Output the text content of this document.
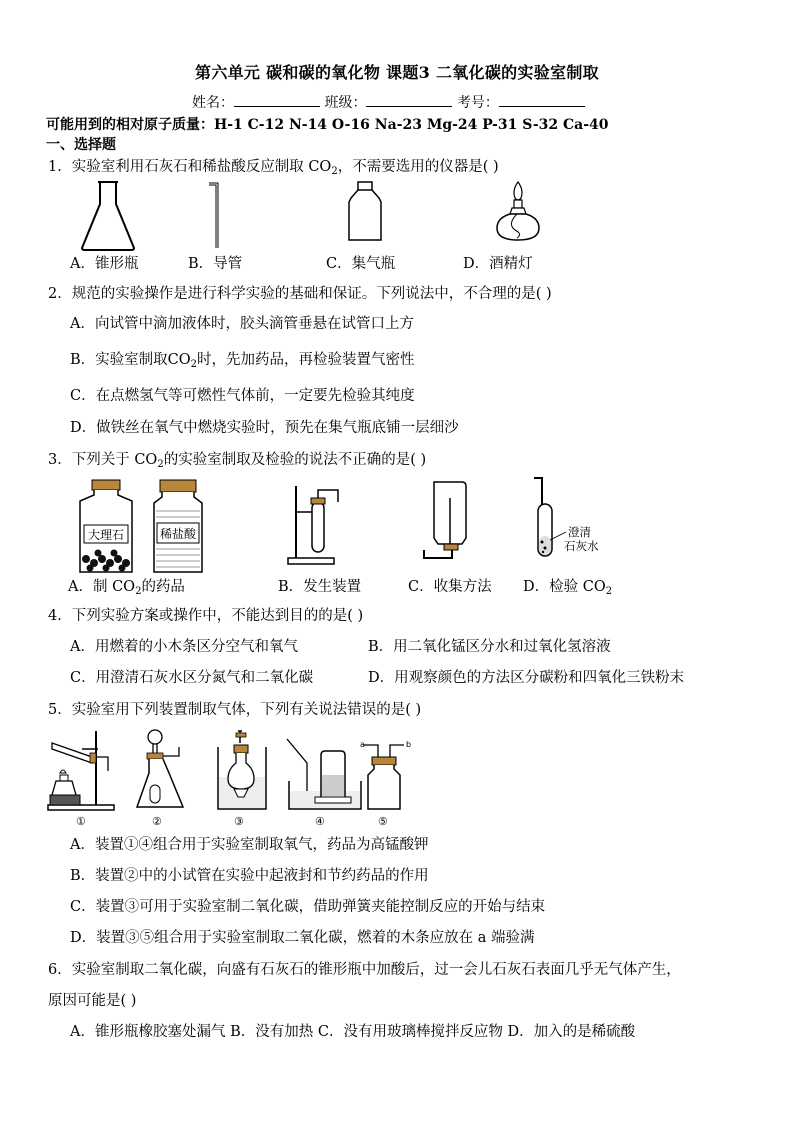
第六单元 碳和碳的氧化物 课题3 二氧化碳的实验室制取
姓名：	班级：	考号：
可能用到的相对原子质量：H-1 C-12 N-14 O-16 Na-23 Mg-24 P-31 S-32 Ca-40
一、选择题
1．实验室利用石灰石和稀盐酸反应制取 $CO_2$，不需要选用的仪器是( )
A．锥形瓶	B．导管	C．集气瓶	D．酒精灯
2．规范的实验操作是进行科学实验的基础和保证。下列说法中，不合理的是( )
A．向试管中滴加液体时，胶头滴管垂悬在试管口上方
B．实验室制取$CO_2$时，先加药品，再检验装置气密性
C．在点燃氢气等可燃性气体前，一定要先检验其纯度
D．做铁丝在氧气中燃烧实验时，预先在集气瓶底铺一层细沙
3．下列关于 $CO_2$的实验室制取及检验的说法不正确的是( )
大理石	稀盐酸	澄清
石灰水
A．制 $CO_2$的药品	B．发生装置	C．收集方法 D．检验 $CO_2$
4．下列实验方案或操作中，不能达到目的的是( )
A．用燃着的小木条区分空气和氧气	B．用二氧化锰区分水和过氧化氢溶液
C．用澄清石灰水区分氮气和二氧化碳	D．用观察颜色的方法区分碳粉和四氧化三铁粉末
5．实验室用下列装置制取气体，下列有关说法错误的是( )
①	②	③	④
a	b
⑤
A．装置①④组合用于实验室制取氧气，药品为高锰酸钾
B．装置②中的小试管在实验中起液封和节约药品的作用
C．装置③可用于实验室制二氧化碳，借助弹簧夹能控制反应的开始与结束
D．装置③⑤组合用于实验室制取二氧化碳，燃着的木条应放在 a 端验满
6．实验室制取二氧化碳，向盛有石灰石的锥形瓶中加酸后，过一会儿石灰石表面几乎无气体产生，
原因可能是( )
A．锥形瓶橡胶塞处漏气 B．没有加热 C．没有用玻璃棒搅拌反应物 D．加入的是稀硫酸
